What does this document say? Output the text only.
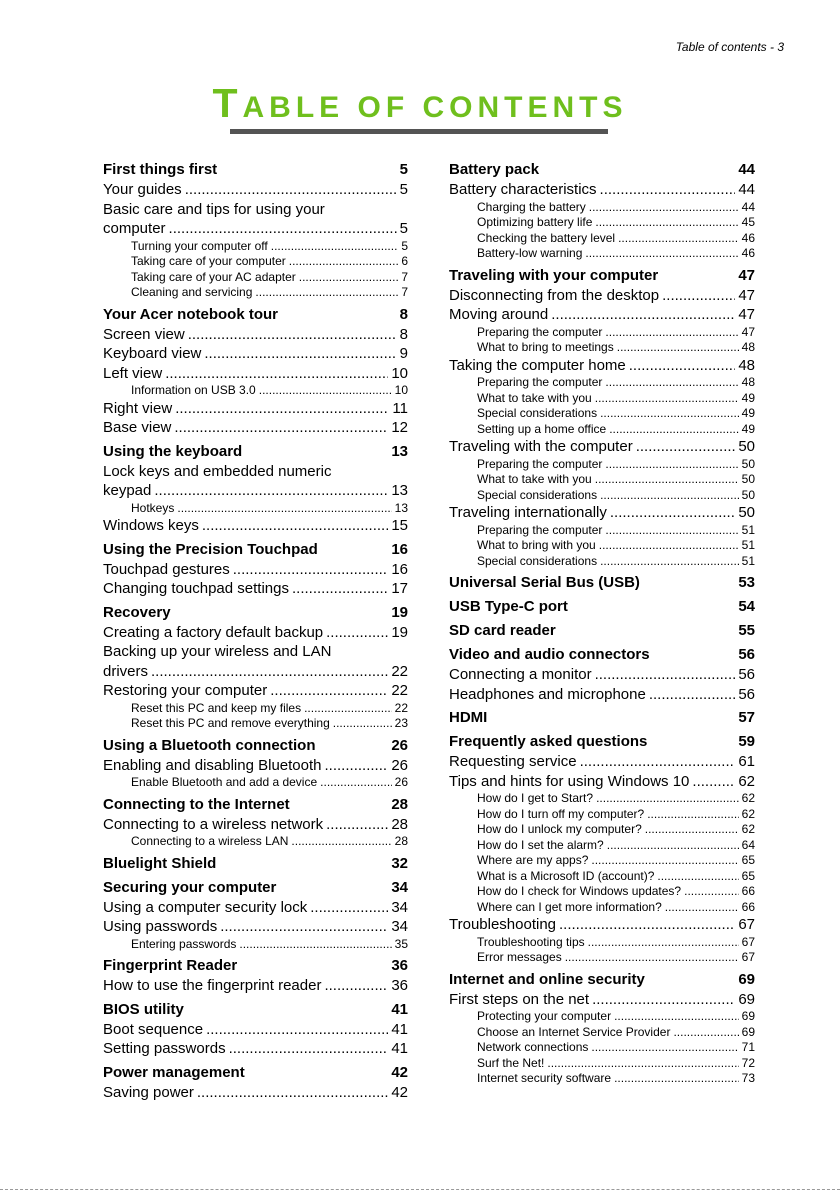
Table of contents - 3
TABLE OF CONTENTS
First things first	5
Your guides .....	5
Basic care and tips for using your
computer .....	5
Turning your computer off .....	5
Taking care of your computer .....	6
Taking care of your AC adapter .....	7
Cleaning and servicing .....	7
Your Acer notebook tour	8
Screen view .....	8
Keyboard view .....	9
Left view .....	10
Information on USB 3.0 .....	10
Right view .....	11
Base view .....	12
Using the keyboard	13
Lock keys and embedded numeric
keypad .....	13
Hotkeys .....	13
Windows keys .....	15
Using the Precision Touchpad	16
Touchpad gestures .....	16
Changing touchpad settings .....	17
Recovery	19
Creating a factory default backup .....	19
Backing up your wireless and LAN
drivers .....	22
Restoring your computer .....	22
Reset this PC and keep my files .....	22
Reset this PC and remove everything .....	23
Using a Bluetooth connection	26
Enabling and disabling Bluetooth .....	26
Enable Bluetooth and add a device .....	26
Connecting to the Internet	28
Connecting to a wireless network .....	28
Connecting to a wireless LAN .....	28
Bluelight Shield	32
Securing your computer	34
Using a computer security lock .....	34
Using passwords .....	34
Entering passwords .....	35
Fingerprint Reader	36
How to use the fingerprint reader .....	36
BIOS utility	41
Boot sequence .....	41
Setting passwords .....	41
Power management	42
Saving power .....	42
Battery pack	44
Battery characteristics .....	44
Charging the battery .....	44
Optimizing battery life .....	45
Checking the battery level .....	46
Battery-low warning .....	46
Traveling with your computer	47
Disconnecting from the desktop .....	47
Moving around .....	47
Preparing the computer .....	47
What to bring to meetings .....	48
Taking the computer home .....	48
Preparing the computer .....	48
What to take with you .....	49
Special considerations .....	49
Setting up a home office .....	49
Traveling with the computer .....	50
Preparing the computer .....	50
What to take with you .....	50
Special considerations .....	50
Traveling internationally .....	50
Preparing the computer .....	51
What to bring with you .....	51
Special considerations .....	51
Universal Serial Bus (USB)	53
USB Type-C port	54
SD card reader	55
Video and audio connectors	56
Connecting a monitor .....	56
Headphones and microphone .....	56
HDMI	57
Frequently asked questions	59
Requesting service .....	61
Tips and hints for using Windows 10 .....	62
How do I get to Start? .....	62
How do I turn off my computer? .....	62
How do I unlock my computer? .....	62
How do I set the alarm? .....	64
Where are my apps? .....	65
What is a Microsoft ID (account)? .....	65
How do I check for Windows updates? .....	66
Where can I get more information? .....	66
Troubleshooting .....	67
Troubleshooting tips .....	67
Error messages .....	67
Internet and online security	69
First steps on the net .....	69
Protecting your computer .....	69
Choose an Internet Service Provider .....	69
Network connections .....	71
Surf the Net! .....	72
Internet security software .....	73
